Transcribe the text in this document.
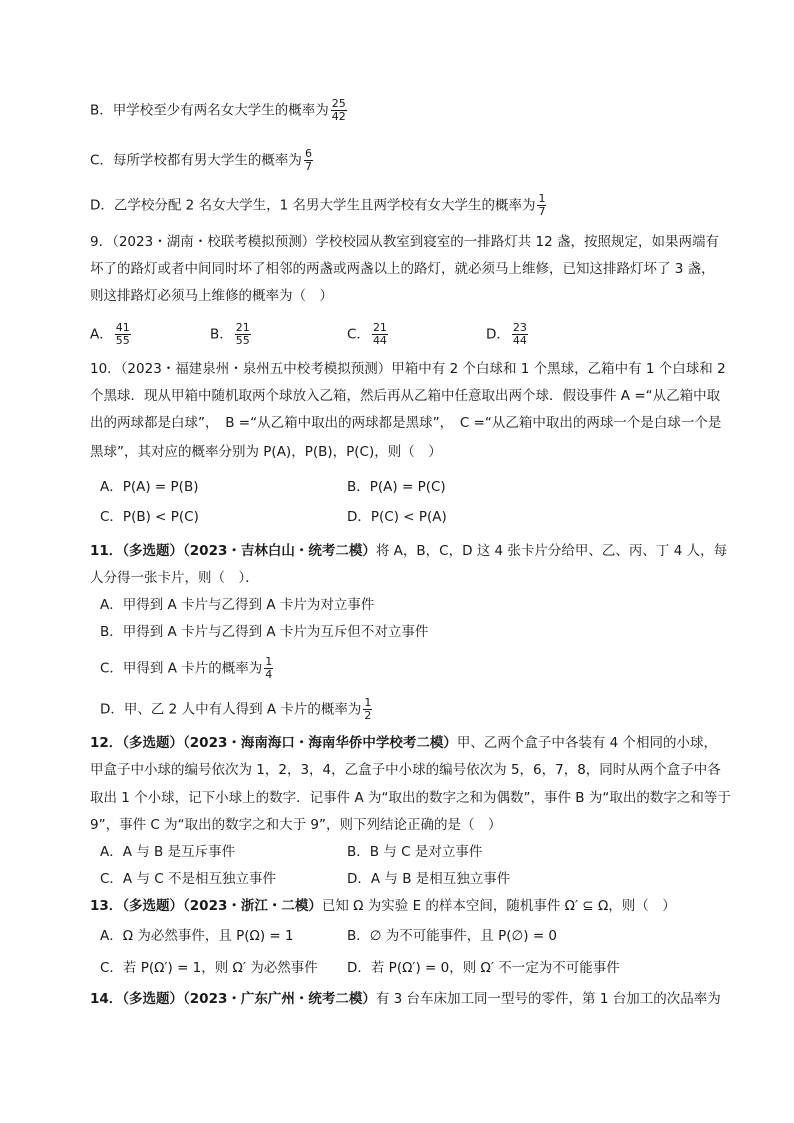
B．甲学校至少有两名女大学生的概率为 $\frac{25}{42}$
C．每所学校都有男大学生的概率为 $\frac{6}{7}$
D．乙学校分配 2 名女大学生，1 名男大学生且两学校有女大学生的概率为 $\frac{1}{7}$
9．（2023・湖南・校联考模拟预测）学校校园从教室到寝室的一排路灯共 12 盏，按照规定，如果两端有
坏了的路灯或者中间同时坏了相邻的两盏或两盏以上的路灯，就必须马上维修，已知这排路灯坏了 3 盏，
则这排路灯必须马上维修的概率为（　）
A． $\frac{41}{55}$	B． $\frac{21}{55}$	C． $\frac{21}{44}$	D． $\frac{23}{44}$
10．（2023・福建泉州・泉州五中校考模拟预测）甲箱中有 2 个白球和 1 个黑球，乙箱中有 1 个白球和 2
个黑球．现从甲箱中随机取两个球放入乙箱，然后再从乙箱中任意取出两个球．假设事件 A =“从乙箱中取
出的两球都是白球”，　B =“从乙箱中取出的两球都是黑球”，　C =“从乙箱中取出的两球一个是白球一个是
黑球”，其对应的概率分别为 P(A)，P(B)，P(C)，则（　）
A．P(A) = P(B)	B．P(A) = P(C)
C．P(B) < P(C)	D．P(C) < P(A)
11．（多选题）（2023・吉林白山・统考二模）将 A，B，C，D 这 4 张卡片分给甲、乙、丙、丁 4 人，每
人分得一张卡片，则（　）．
A．甲得到 A 卡片与乙得到 A 卡片为对立事件
B．甲得到 A 卡片与乙得到 A 卡片为互斥但不对立事件
C．甲得到 A 卡片的概率为 $\frac{1}{4}$
D．甲、乙 2 人中有人得到 A 卡片的概率为 $\frac{1}{2}$
12．（多选题）（2023・海南海口・海南华侨中学校考二模）甲、乙两个盒子中各装有 4 个相同的小球，
甲盒子中小球的编号依次为 1，2，3，4，乙盒子中小球的编号依次为 5，6，7，8，同时从两个盒子中各
取出 1 个小球，记下小球上的数字．记事件 A 为“取出的数字之和为偶数”，事件 B 为“取出的数字之和等于
9”，事件 C 为“取出的数字之和大于 9”，则下列结论正确的是（　）
A．A 与 B 是互斥事件	B．B 与 C 是对立事件
C．A 与 C 不是相互独立事件	D．A 与 B 是相互独立事件
13．（多选题）（2023・浙江・二模）已知 Ω 为实验 E 的样本空间，随机事件 Ω′ ⊆ Ω，则（　）
A．Ω 为必然事件，且 P(Ω) = 1	B．∅ 为不可能事件，且 P(∅) = 0
C．若 P(Ω′) = 1，则 Ω′ 为必然事件 D．若 P(Ω′) = 0，则 Ω′ 不一定为不可能事件
14．（多选题）（2023・广东广州・统考二模）有 3 台车床加工同一型号的零件，第 1 台加工的次品率为
